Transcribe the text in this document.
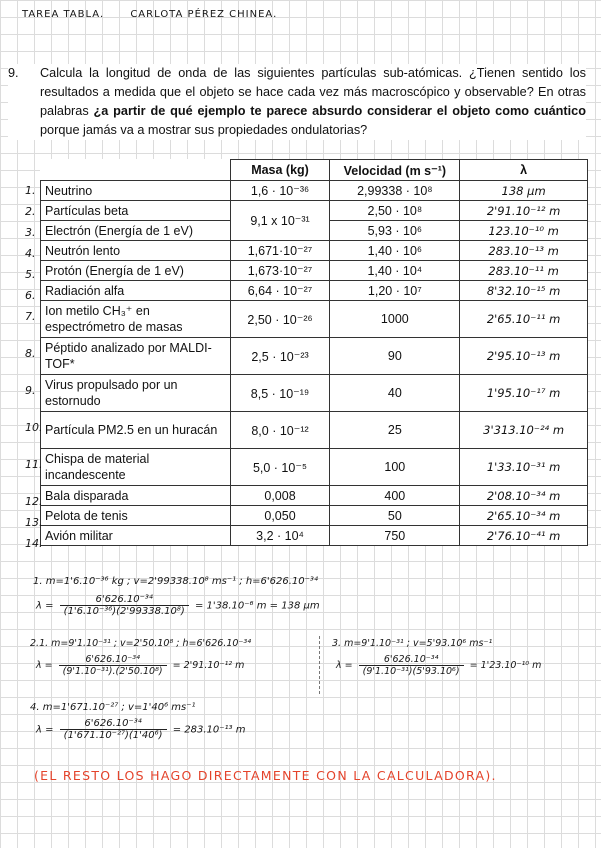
TAREA TABLA.	CARLOTA PÉREZ CHINEA.
9.	Calcula la longitud de onda de las siguientes partículas sub-atómicas. ¿Tienen sentido los resultados a medida que el objeto se hace cada vez más macroscópico y observable? En otras palabras ¿a partir de qué ejemplo te parece absurdo considerar el objeto como cuántico porque jamás va a mostrar sus propiedades ondulatorias?
	Masa (kg)	Velocidad (m s⁻¹)	λ
Neutrino	1,6 · 10⁻³⁶	2,99338 · 10⁸	138 μm
Partículas beta	9,1 x 10⁻³¹	2,50 · 10⁸	2'91.10⁻¹² m
Electrón (Energía de 1 eV)		5,93 · 10⁶	123.10⁻¹⁰ m
Neutrón lento	1,671·10⁻²⁷	1,40 · 10⁶	283.10⁻¹³ m
Protón (Energía de 1 eV)	1,673·10⁻²⁷	1,40 · 10⁴	283.10⁻¹¹ m
Radiación alfa	6,64 · 10⁻²⁷	1,20 · 10⁷	8'32.10⁻¹⁵ m
Ion metilo CH₃⁺ en espectrómetro de masas	2,50 · 10⁻²⁶	1000	2'65.10⁻¹¹ m
Péptido analizado por MALDI-TOF*	2,5 · 10⁻²³	90	2'95.10⁻¹³ m
Virus propulsado por un estornudo	8,5 · 10⁻¹⁹	40	1'95.10⁻¹⁷ m
Partícula PM2.5 en un huracán	8,0 · 10⁻¹²	25	3'313.10⁻²⁴ m
Chispa de material incandescente	5,0 · 10⁻⁵	100	1'33.10⁻³¹ m
Bala disparada	0,008	400	2'08.10⁻³⁴ m
Pelota de tenis	0,050	50	2'65.10⁻³⁴ m
Avión militar	3,2 · 10⁴	750	2'76.10⁻⁴¹ m
1.
2.
3.
4.
5.
6.
7.
8.
9.
10.
11.
12.
13.
14.
1. m=1'6.10⁻³⁶ kg ; v=2'99338.10⁸ ms⁻¹ ; h=6'626.10⁻³⁴
$\lambda = \frac{\text{6'626.10⁻³⁴}}{\text{(1'6.10⁻³⁶)(2'99338.10⁸)}} = 1'38.10^{-6}$ m = 138 μm
2.1. m=9'1.10⁻³¹ ; v=2'50.10⁸ ; h=6'626.10⁻³⁴
$\lambda = \frac{\text{6'626.10⁻³⁴}}{\text{(9'1.10⁻³¹).(2'50.10⁸)}} = 2'91.10^{-12}$ m
3. m=9'1.10⁻³¹ ; v=5'93.10⁶ ms⁻¹
$\lambda = \frac{\text{6'626.10⁻³⁴}}{\text{(9'1.10⁻³¹)(5'93.10⁶)}} = 1'23.10^{-10}$ m
4. m=1'671.10⁻²⁷ ; v=1'40⁶ ms⁻¹
$\lambda = \frac{\text{6'626.10⁻³⁴}}{\text{(1'671.10⁻²⁷)(1'40⁶)}} = 283.10^{-13}$ m
(EL RESTO LOS HAGO DIRECTAMENTE CON LA CALCULADORA).
